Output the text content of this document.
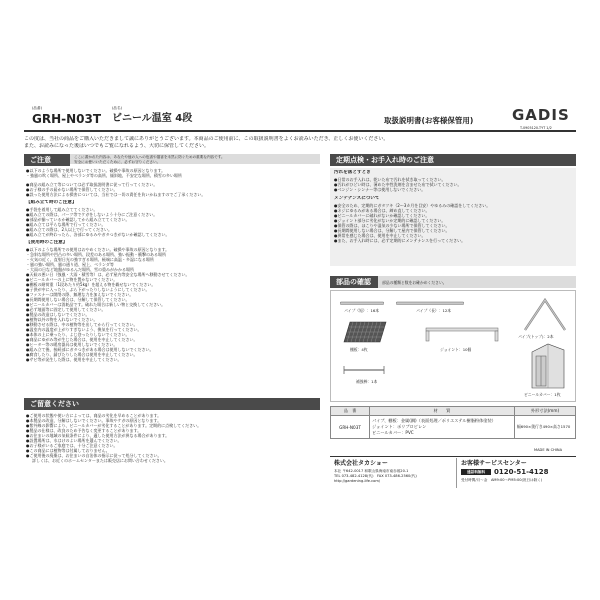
(品番)
GRH-N03T
(品名)
ビニール温室 4段	取扱説明書(お客様保管用)	GADIS
T-0905120-TYT 1/2
この度は、当社の商品をご購入いただきまして誠にありがとうございます。本商品のご使用前に、この取扱説明書をよくお読みいただき、正しくお使いください。
また、お読みになった後はいつでもご覧になれるよう、大切に保管してください。
ご注意	ここに書かれた内容は、あなたや他の人への危害や損害を未然に防ぐための重要な内容です。
安全にお使いいただくために、必ずお守りください。
●以下のような場所で使用しないでください。破損や事故の原因となります。
・強風の吹く場所、屋上やベランダ等の高所、傾斜地、不安定な場所、積雪の多い場所
●商品の組み立て等については必ず取扱説明書に従って行ってください。
●お子様の手の届かない場所で保管してください。
●誤った使用方法による損害については、当社では一切の責任を負いかねますのでご了承ください。
【組み立て時のご注意】
●手袋を着用して組み立ててください。
●組み立ての際は、パーツ等でケガをしないよう十分にご注意ください。
●部品が揃っているか確認してから組み立ててください。
●組み立ては平らな場所で行ってください。
●組み立ての際は、2人以上で行ってください。
●組み立てが終わったら、各部にゆるみやガタつきがないか確認してください。
【使用時のご注意】
●以下のような場所での使用はおやめください。破損や事故の原因となります。
・急斜な場所や凹凸の多い場所、段差のある場所、強い振動・衝撃のある場所
・火気の近く、直射日光の強すぎる場所、極端に高温・多湿になる場所
・風の強い場所、風の通り道、屋上、ベランダ等
・大雨の日など地盤がゆるんだ場所、雪の重みがかかる場所
●天候の悪い日（強風・大雨・積雪等）は、必ず屋内等安全な場所へ移動させてください。
●ビニールカバーの上に物を置かないでください。
●棚板の耐荷重（1段あたり約5kg）を超える物を載せないでください。
●子供が中に入ったり、ぶら下がったりしないようにしてください。
●ファスナーは開閉の際、無理な力を加えないでください。
●長期間使用しない場合は、分解して保管してください。
●ビニールカバーは消耗品です。破れた場合は新しい物と交換してください。
●必ず地面等に固定して使用してください。
●製品の改造はしないでください。
●植物以外の物を入れないでください。
●移動させる際は、中の植物等を出してから行ってください。
●温室内の温度が上がりすぎないよう、換気を行ってください。
●本体の上に乗ったり、よじ登ったりしないでください。
●商品にゆがみ等が生じた場合は、使用を中止してください。
●ヒーター等の暖房器具は使用しないでください。
●組み立て後、接続部にガタつきがある場合は使用しないでください。
●腐食したり、錆びたりした場合は使用を中止してください。
●サビ等が発生した際は、使用を中止してください。
ご留意ください
●ご使用の状態や使い方によっては、商品の劣化を早めることがあります。
●本製品の改造、分解はしないでください。事故やケガの原因となります。
●紫外線の影響により、ビニールカバーが劣化することがあります。定期的に点検してください。
●製品の仕様は、改良のため予告なく変更することがあります。
●お住まいの地域の気候条件により、適した使用方法が異なる場合があります。
●設置場所は、水はけのよい場所を選んでください。
●お子様がいるご家庭では、十分ご注意ください。
●この商品には植物等は付属しておりません。
●ご使用後の廃棄は、お住まいの自治体の指示に従って処分してください。
詳しくは、お近くのホームセンターまたは販売店にお問い合わせください。
定期点検・お手入れ時のご注意
汚れを落とすとき
●日常のお手入れは、乾いた布で汚れを拭き取ってください。
●汚れがひどい時は、薄めた中性洗剤を含ませた布で拭いてください。
●ベンジン・シンナー等は使用しないでください。
メンテナンスについて
●安全のため、定期的にガタツキ（2〜3カ月を目安）やゆるみの確認をしてください。
●ネジにゆるみがある場合は、締め直してください。
●ビニールカバーに破れがないか確認してください。
●ジョイント部分に劣化がないか定期的に確認してください。
●保管の際は、ほこりや湿気の少ない場所で保管してください。
●長期間使用しない場合は、分解して屋内で保管してください。
●異常を感じた場合は、使用を中止してください。
●また、お手入れ時には、必ず定期的にメンテナンスを行ってください。
部品の確認	部品の種類と数をお確かめください。
パイプ（短）：16本	パイプ（長）：12本
パイプ(トップ)：2本
棚板：4枚	ジョイント：10個
ビニールカバー：1枚
補強棒：1本
品　番	材　　質	外形寸法(mm)
GRH-N03T	パイプ、棚板：金属(鋼)（表面処理／ポリエステル樹脂粉体塗装）
ジョイント：ポリプロピレン
ビニールカバー：PVC	幅690×奥行き490×高さ1570
MADE IN CHINA
株式会社タカショー
本社 〒642-0017 和歌山県海南市南赤坂20-1
TEL 073-482-4128(代)　FAX 073-486-2560(代)
http://gardening-life.com/
お客様サービスセンター
通話料無料	0120-51-4128
受付時間/月〜金　AM9:00〜PM5:00(祝日は除く)
